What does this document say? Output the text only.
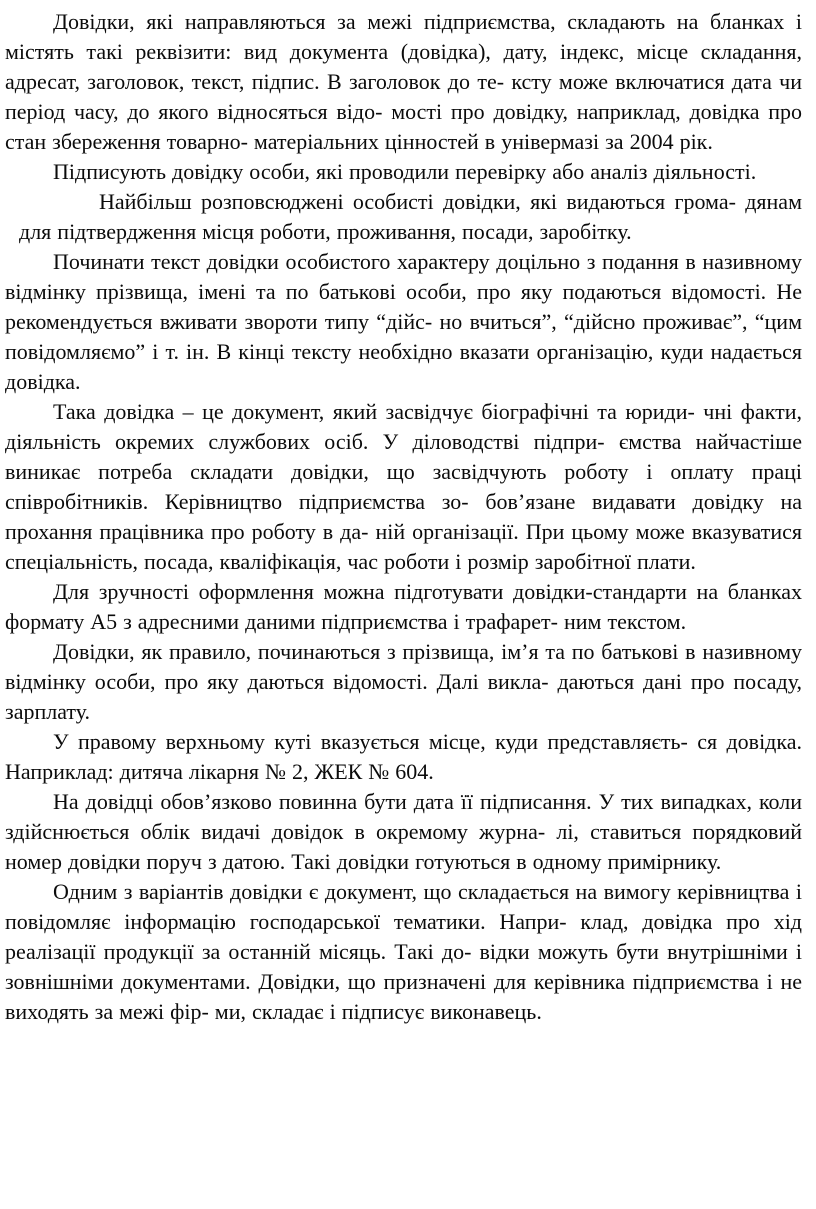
Довідки, які направляються за межі підприємства, складають на бланках і містять такі реквізити: вид документа (довідка), дату, індекс, місце складання, адресат, заголовок, текст, підпис. В заголовок до те- ксту може включатися дата чи період часу, до якого відносяться відо- мості про довідку, наприклад, довідка про стан збереження товарно- матеріальних цінностей в універмазі за 2004 рік.

Підписують довідку особи, які проводили перевірку або аналіз діяльності.

Найбільш розповсюджені особисті довідки, які видаються грома- дянам для підтвердження місця роботи, проживання, посади, заробітку.

Починати текст довідки особистого характеру доцільно з подання в називному відмінку прізвища, імені та по батькові особи, про яку подаються відомості. Не рекомендується вживати звороти типу “дійс- но вчиться”, “дійсно проживає”, “цим повідомляємо” і т. ін. В кінці тексту необхідно вказати організацію, куди надається довідка.

Така довідка – це документ, який засвідчує біографічні та юриди- чні факти, діяльність окремих службових осіб. У діловодстві підпри- ємства найчастіше виникає потреба складати довідки, що засвідчують роботу і оплату праці співробітників. Керівництво підприємства зо- бов’язане видавати довідку на прохання працівника про роботу в да- ній організації. При цьому може вказуватися спеціальність, посада, кваліфікація, час роботи і розмір заробітної плати.

Для зручності оформлення можна підготувати довідки-стандарти на бланках формату А5 з адресними даними підприємства і трафарет- ним текстом.

Довідки, як правило, починаються з прізвища, ім’я та по батькові в називному відмінку особи, про яку даються відомості. Далі викла- даються дані про посаду, зарплату.

У правому верхньому куті вказується місце, куди представляєть- ся довідка. Наприклад: дитяча лікарня № 2, ЖЕК № 604.

На довідці обов’язково повинна бути дата її підписання. У тих випадках, коли здійснюється облік видачі довідок в окремому журна- лі, ставиться порядковий номер довідки поруч з датою. Такі довідки готуються в одному примірнику.

Одним з варіантів довідки є документ, що складається на вимогу керівництва і повідомляє інформацію господарської тематики. Напри- клад, довідка про хід реалізації продукції за останній місяць. Такі до- відки можуть бути внутрішніми і зовнішніми документами. Довідки, що призначені для керівника підприємства і не виходять за межі фір- ми, складає і підписує виконавець.
